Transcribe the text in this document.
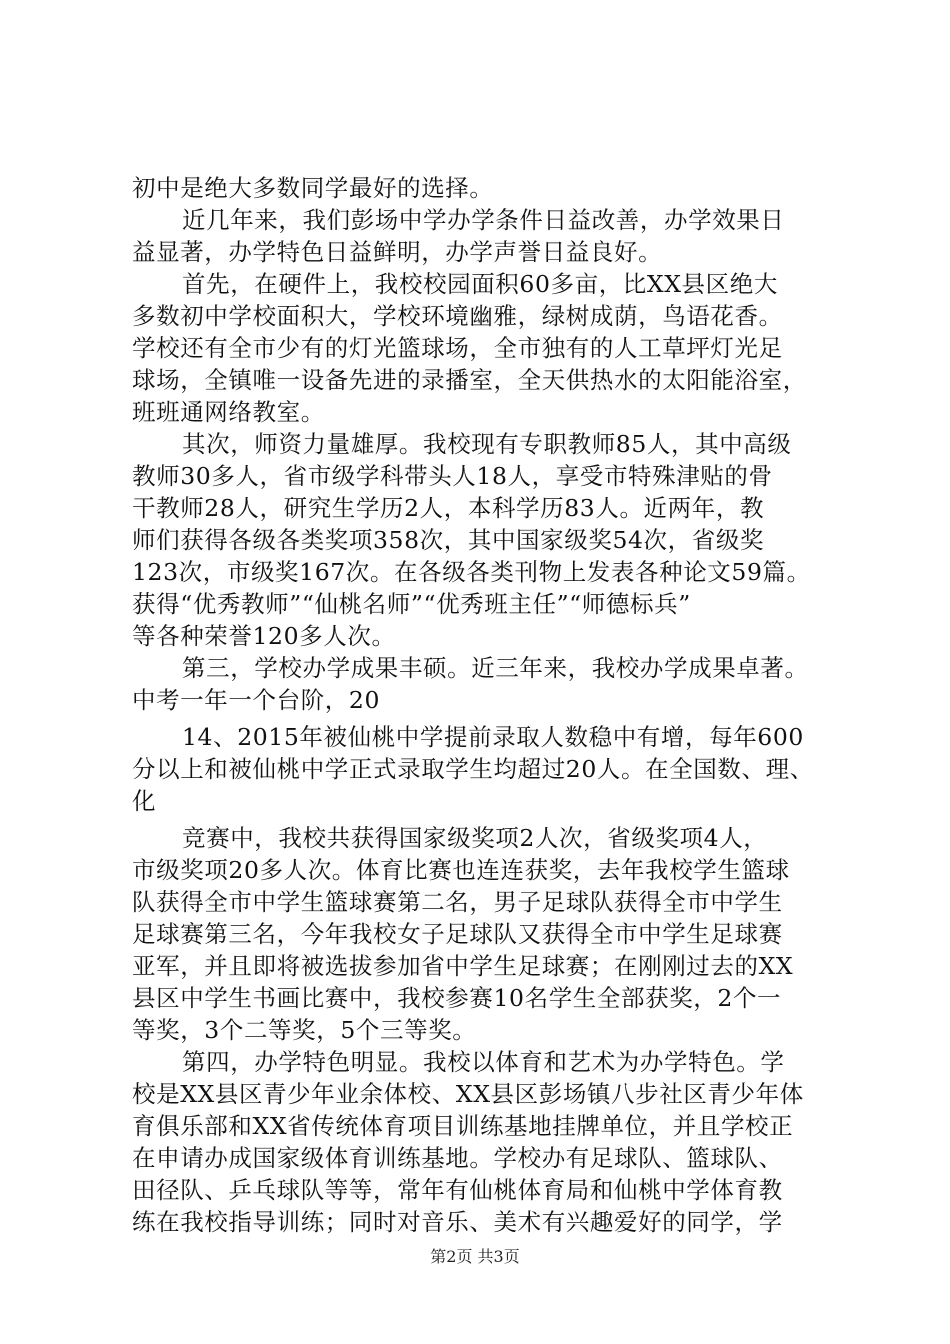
初中是绝大多数同学最好的选择。
近几年来，我们彭场中学办学条件日益改善，办学效果日
益显著，办学特色日益鲜明，办学声誉日益良好。
首先，在硬件上，我校校园面积60多亩，比XX县区绝大
多数初中学校面积大，学校环境幽雅，绿树成荫，鸟语花香。
学校还有全市少有的灯光篮球场，全市独有的人工草坪灯光足
球场，全镇唯一设备先进的录播室，全天供热水的太阳能浴室，
班班通网络教室。
其次，师资力量雄厚。我校现有专职教师85人，其中高级
教师30多人，省市级学科带头人18人，享受市特殊津贴的骨
干教师28人，研究生学历2人，本科学历83人。近两年，教
师们获得各级各类奖项358次，其中国家级奖54次，省级奖
123次，市级奖167次。在各级各类刊物上发表各种论文59篇。
获得“优秀教师”“仙桃名师”“优秀班主任”“师德标兵”
等各种荣誉120多人次。
第三，学校办学成果丰硕。近三年来，我校办学成果卓著。
中考一年一个台阶，20
14、2015年被仙桃中学提前录取人数稳中有增，每年600
分以上和被仙桃中学正式录取学生均超过20人。在全国数、理、
化
竞赛中，我校共获得国家级奖项2人次，省级奖项4人，
市级奖项20多人次。体育比赛也连连获奖，去年我校学生篮球
队获得全市中学生篮球赛第二名，男子足球队获得全市中学生
足球赛第三名，今年我校女子足球队又获得全市中学生足球赛
亚军，并且即将被选拔参加省中学生足球赛；在刚刚过去的XX
县区中学生书画比赛中，我校参赛10名学生全部获奖，2个一
等奖，3个二等奖，5个三等奖。
第四，办学特色明显。我校以体育和艺术为办学特色。学
校是XX县区青少年业余体校、XX县区彭场镇八步社区青少年体
育俱乐部和XX省传统体育项目训练基地挂牌单位，并且学校正
在申请办成国家级体育训练基地。学校办有足球队、篮球队、
田径队、乒乓球队等等，常年有仙桃体育局和仙桃中学体育教
练在我校指导训练；同时对音乐、美术有兴趣爱好的同学，学
第2页 共3页
